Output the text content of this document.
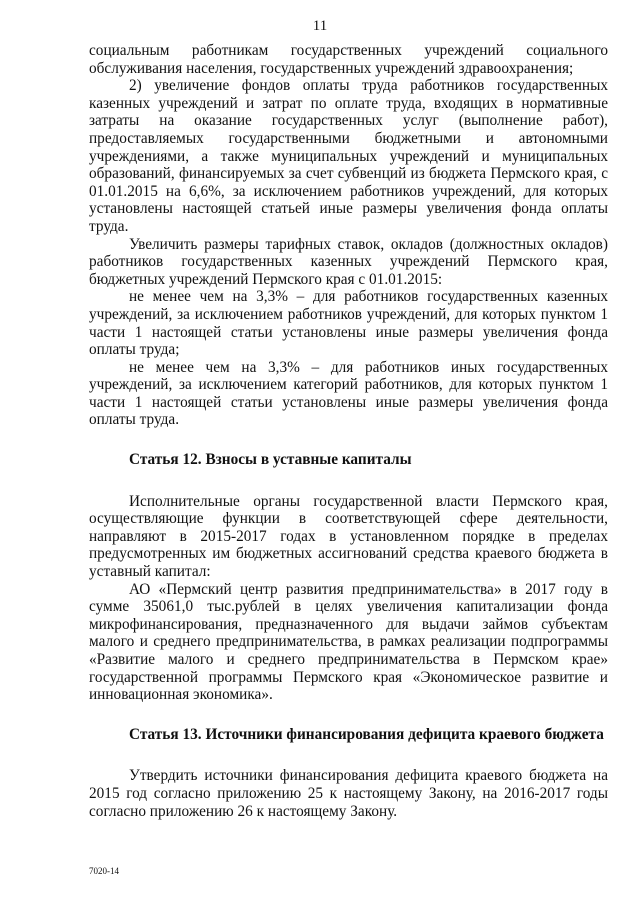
11

социальным работникам государственных учреждений социального обслуживания населения, государственных учреждений здравоохранения;

2) увеличение фондов оплаты труда работников государственных казенных учреждений и затрат по оплате труда, входящих в нормативные затраты на оказание государственных услуг (выполнение работ), предоставляемых государственными бюджетными и автономными учреждениями, а также муниципальных учреждений и муниципальных образований, финансируемых за счет субвенций из бюджета Пермского края, с 01.01.2015 на 6,6%, за исключением работников учреждений, для которых установлены настоящей статьей иные размеры увеличения фонда оплаты труда.

Увеличить размеры тарифных ставок, окладов (должностных окладов) работников государственных казенных учреждений Пермского края, бюджетных учреждений Пермского края с 01.01.2015:

не менее чем на 3,3% – для работников государственных казенных учреждений, за исключением работников учреждений, для которых пунктом 1 части 1 настоящей статьи установлены иные размеры увеличения фонда оплаты труда;

не менее чем на 3,3% – для работников иных государственных учреждений, за исключением категорий работников, для которых пунктом 1 части 1 настоящей статьи установлены иные размеры увеличения фонда оплаты труда.

Статья 12. Взносы в уставные капиталы

Исполнительные органы государственной власти Пермского края, осуществляющие функции в соответствующей сфере деятельности, направляют в 2015-2017 годах в установленном порядке в пределах предусмотренных им бюджетных ассигнований средства краевого бюджета в уставный капитал:

АО «Пермский центр развития предпринимательства» в 2017 году в сумме 35061,0 тыс.рублей в целях увеличения капитализации фонда микрофинансирования, предназначенного для выдачи займов субъектам малого и среднего предпринимательства, в рамках реализации подпрограммы «Развитие малого и среднего предпринимательства в Пермском крае» государственной программы Пермского края «Экономическое развитие и инновационная экономика».

Статья 13. Источники финансирования дефицита краевого бюджета

Утвердить источники финансирования дефицита краевого бюджета на 2015 год согласно приложению 25 к настоящему Закону, на 2016-2017 годы согласно приложению 26 к настоящему Закону.

7020-14
